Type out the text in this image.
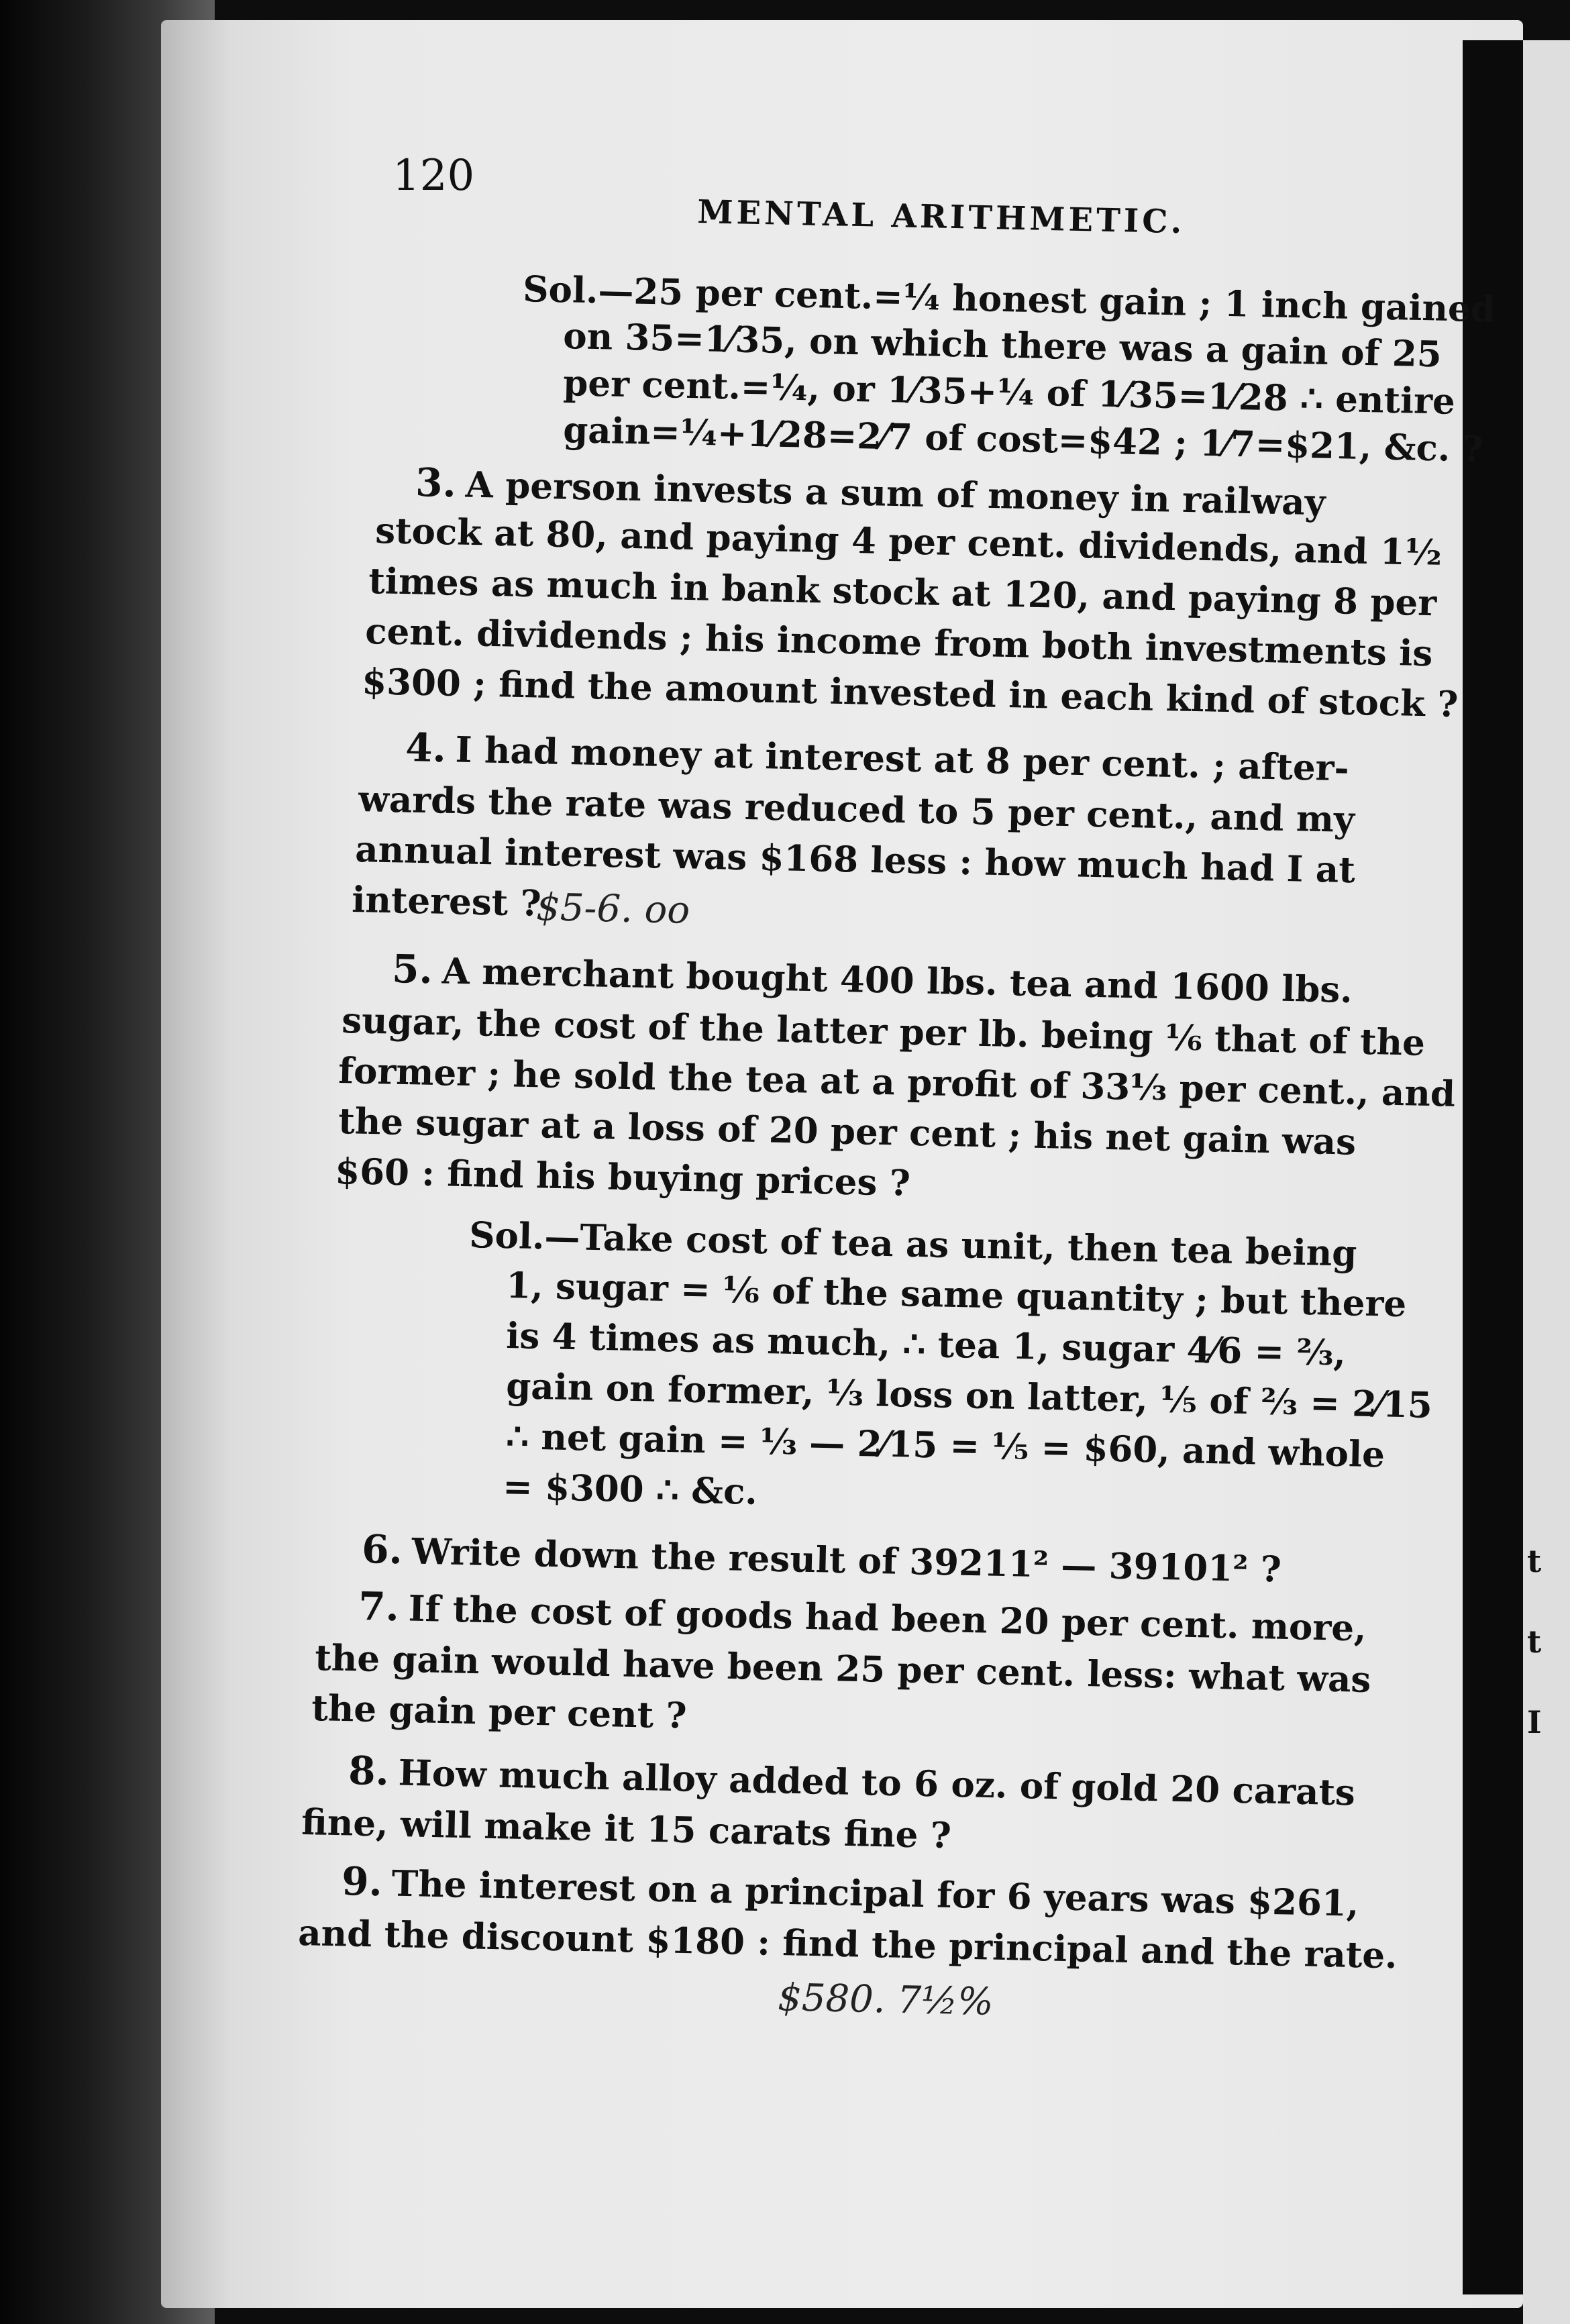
t
t
I
120
MENTAL ARITHMETIC.
Sol.—25 per cent.=¼ honest gain ; 1 inch gained
on 35=1⁄35, on which there was a gain of 25
per cent.=¼, or 1⁄35+¼ of 1⁄35=1⁄28 ∴ entire
gain=¼+1⁄28=2⁄7 of cost=$42 ; 1⁄7=$21, &c. ?
3. A person invests a sum of money in railway
stock at 80, and paying 4 per cent. dividends, and 1½
times as much in bank stock at 120, and paying 8 per
cent. dividends ; his income from both investments is
$300 ; find the amount invested in each kind of stock ?
4. I had money at interest at 8 per cent. ; after-
wards the rate was reduced to 5 per cent., and my
annual interest was $168 less : how much had I at
interest ?
$5-6. oo
5. A merchant bought 400 lbs. tea and 1600 lbs.
sugar, the cost of the latter per lb. being ⅙ that of the
former ; he sold the tea at a profit of 33⅓ per cent., and
the sugar at a loss of 20 per cent ; his net gain was
$60 : find his buying prices ?
Sol.—Take cost of tea as unit, then tea being
1, sugar = ⅙ of the same quantity ; but there
is 4 times as much, ∴ tea 1, sugar 4⁄6 = ⅔,
gain on former, ⅓ loss on latter, ⅕ of ⅔ = 2⁄15
∴ net gain = ⅓ — 2⁄15 = ⅕ = $60, and whole
= $300 ∴ &c.
6. Write down the result of 39211² — 39101² ?
7. If the cost of goods had been 20 per cent. more,
the gain would have been 25 per cent. less: what was
the gain per cent ?
8. How much alloy added to 6 oz. of gold 20 carats
fine, will make it 15 carats fine ?
9. The interest on a principal for 6 years was $261,
and the discount $180 : find the principal and the rate.
$580. 7½%
